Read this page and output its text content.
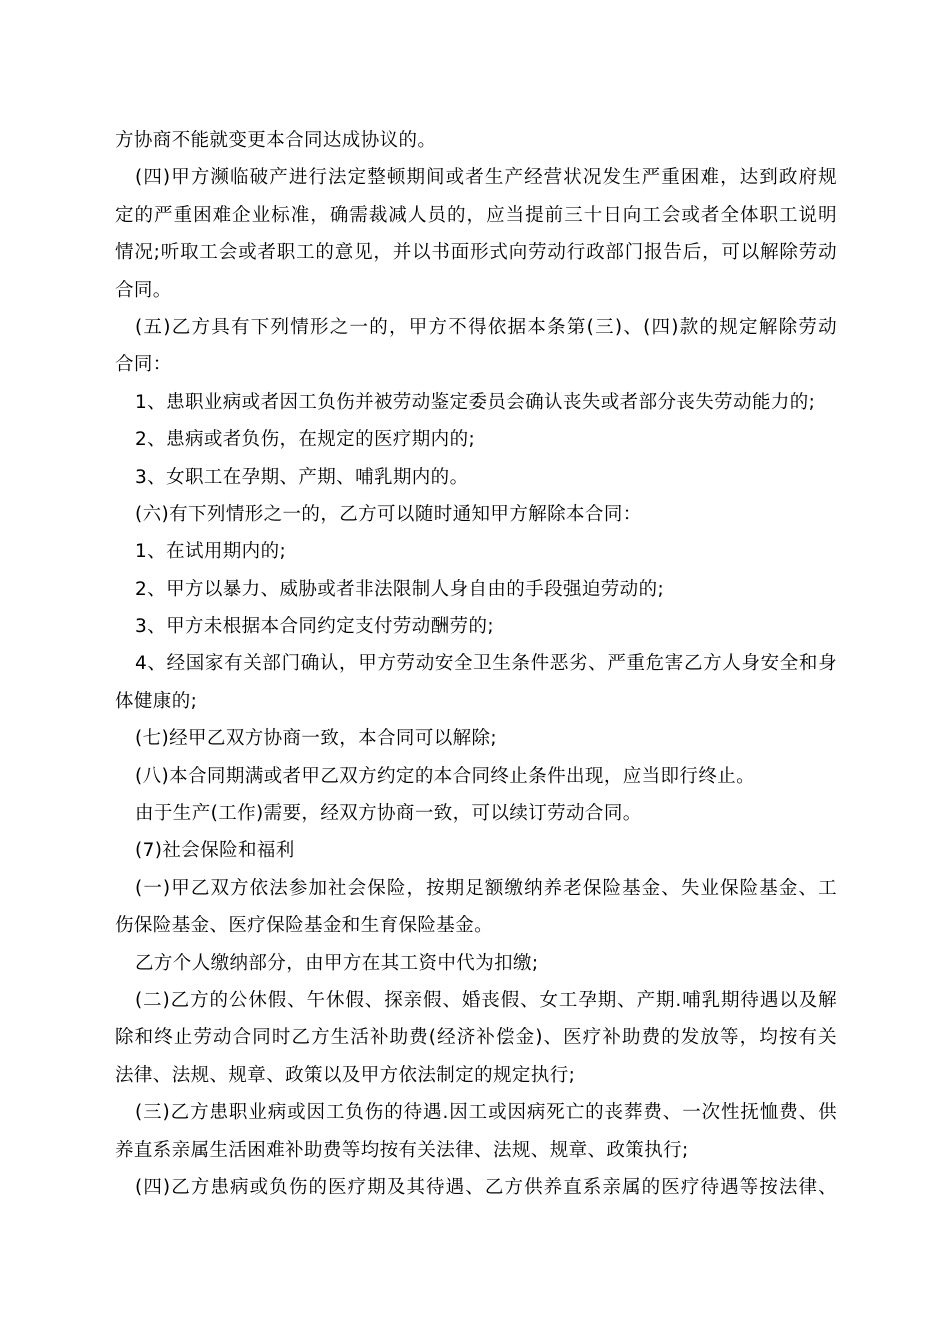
方协商不能就变更本合同达成协议的。
(四)甲方濒临破产进行法定整顿期间或者生产经营状况发生严重困难，达到政府规
定的严重困难企业标准，确需裁减人员的，应当提前三十日向工会或者全体职工说明
情况;听取工会或者职工的意见，并以书面形式向劳动行政部门报告后，可以解除劳动
合同。
(五)乙方具有下列情形之一的，甲方不得依据本条第(三)、(四)款的规定解除劳动
合同：
1、患职业病或者因工负伤并被劳动鉴定委员会确认丧失或者部分丧失劳动能力的;
2、患病或者负伤，在规定的医疗期内的;
3、女职工在孕期、产期、哺乳期内的。
(六)有下列情形之一的，乙方可以随时通知甲方解除本合同：
1、在试用期内的;
2、甲方以暴力、威胁或者非法限制人身自由的手段强迫劳动的;
3、甲方未根据本合同约定支付劳动酬劳的;
4、经国家有关部门确认，甲方劳动安全卫生条件恶劣、严重危害乙方人身安全和身
体健康的;
(七)经甲乙双方协商一致，本合同可以解除;
(八)本合同期满或者甲乙双方约定的本合同终止条件出现，应当即行终止。
由于生产(工作)需要，经双方协商一致，可以续订劳动合同。
(7)社会保险和福利
(一)甲乙双方依法参加社会保险，按期足额缴纳养老保险基金、失业保险基金、工
伤保险基金、医疗保险基金和生育保险基金。
乙方个人缴纳部分，由甲方在其工资中代为扣缴;
(二)乙方的公休假、午休假、探亲假、婚丧假、女工孕期、产期.哺乳期待遇以及解
除和终止劳动合同时乙方生活补助费(经济补偿金)、医疗补助费的发放等，均按有关
法律、法规、规章、政策以及甲方依法制定的规定执行;
(三)乙方患职业病或因工负伤的待遇.因工或因病死亡的丧葬费、一次性抚恤费、供
养直系亲属生活困难补助费等均按有关法律、法规、规章、政策执行;
(四)乙方患病或负伤的医疗期及其待遇、乙方供养直系亲属的医疗待遇等按法律、
